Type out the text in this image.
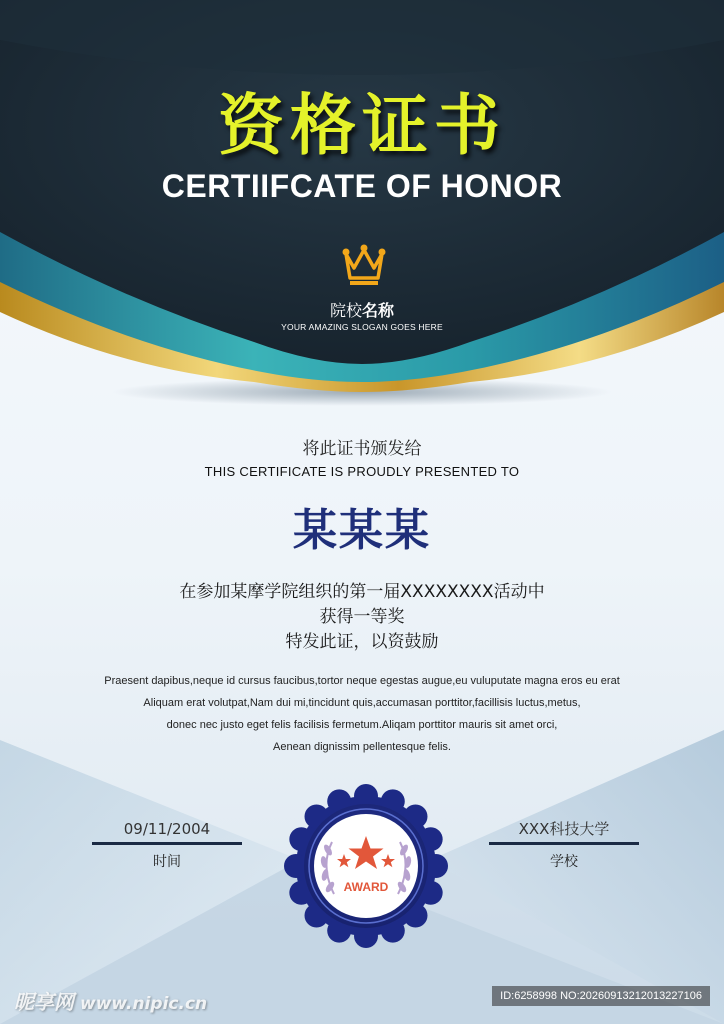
资格证书
CERTIIFCATE OF HONOR
院校名称
YOUR AMAZING SLOGAN GOES HERE
将此证书颁发给
THIS CERTIFICATE IS PROUDLY PRESENTED TO
某某某
在参加某摩学院组织的第一届XXXXXXXX活动中
获得一等奖
特发此证，以资鼓励
Praesent dapibus,neque id cursus faucibus,tortor neque egestas augue,eu vuluputate magna eros eu erat
Aliquam erat volutpat,Nam dui mi,tincidunt quis,accumasan porttitor,facillisis luctus,metus,
donec nec justo eget felis facilisis fermetum.Aliqam porttitor mauris sit amet orci,
Aenean dignissim pellentesque felis.
09/11/2004
时间
XXX科技大学
学校
AWARD
昵享网 www.nipic.cn	ID:6258998 NO:20260913212013227106
